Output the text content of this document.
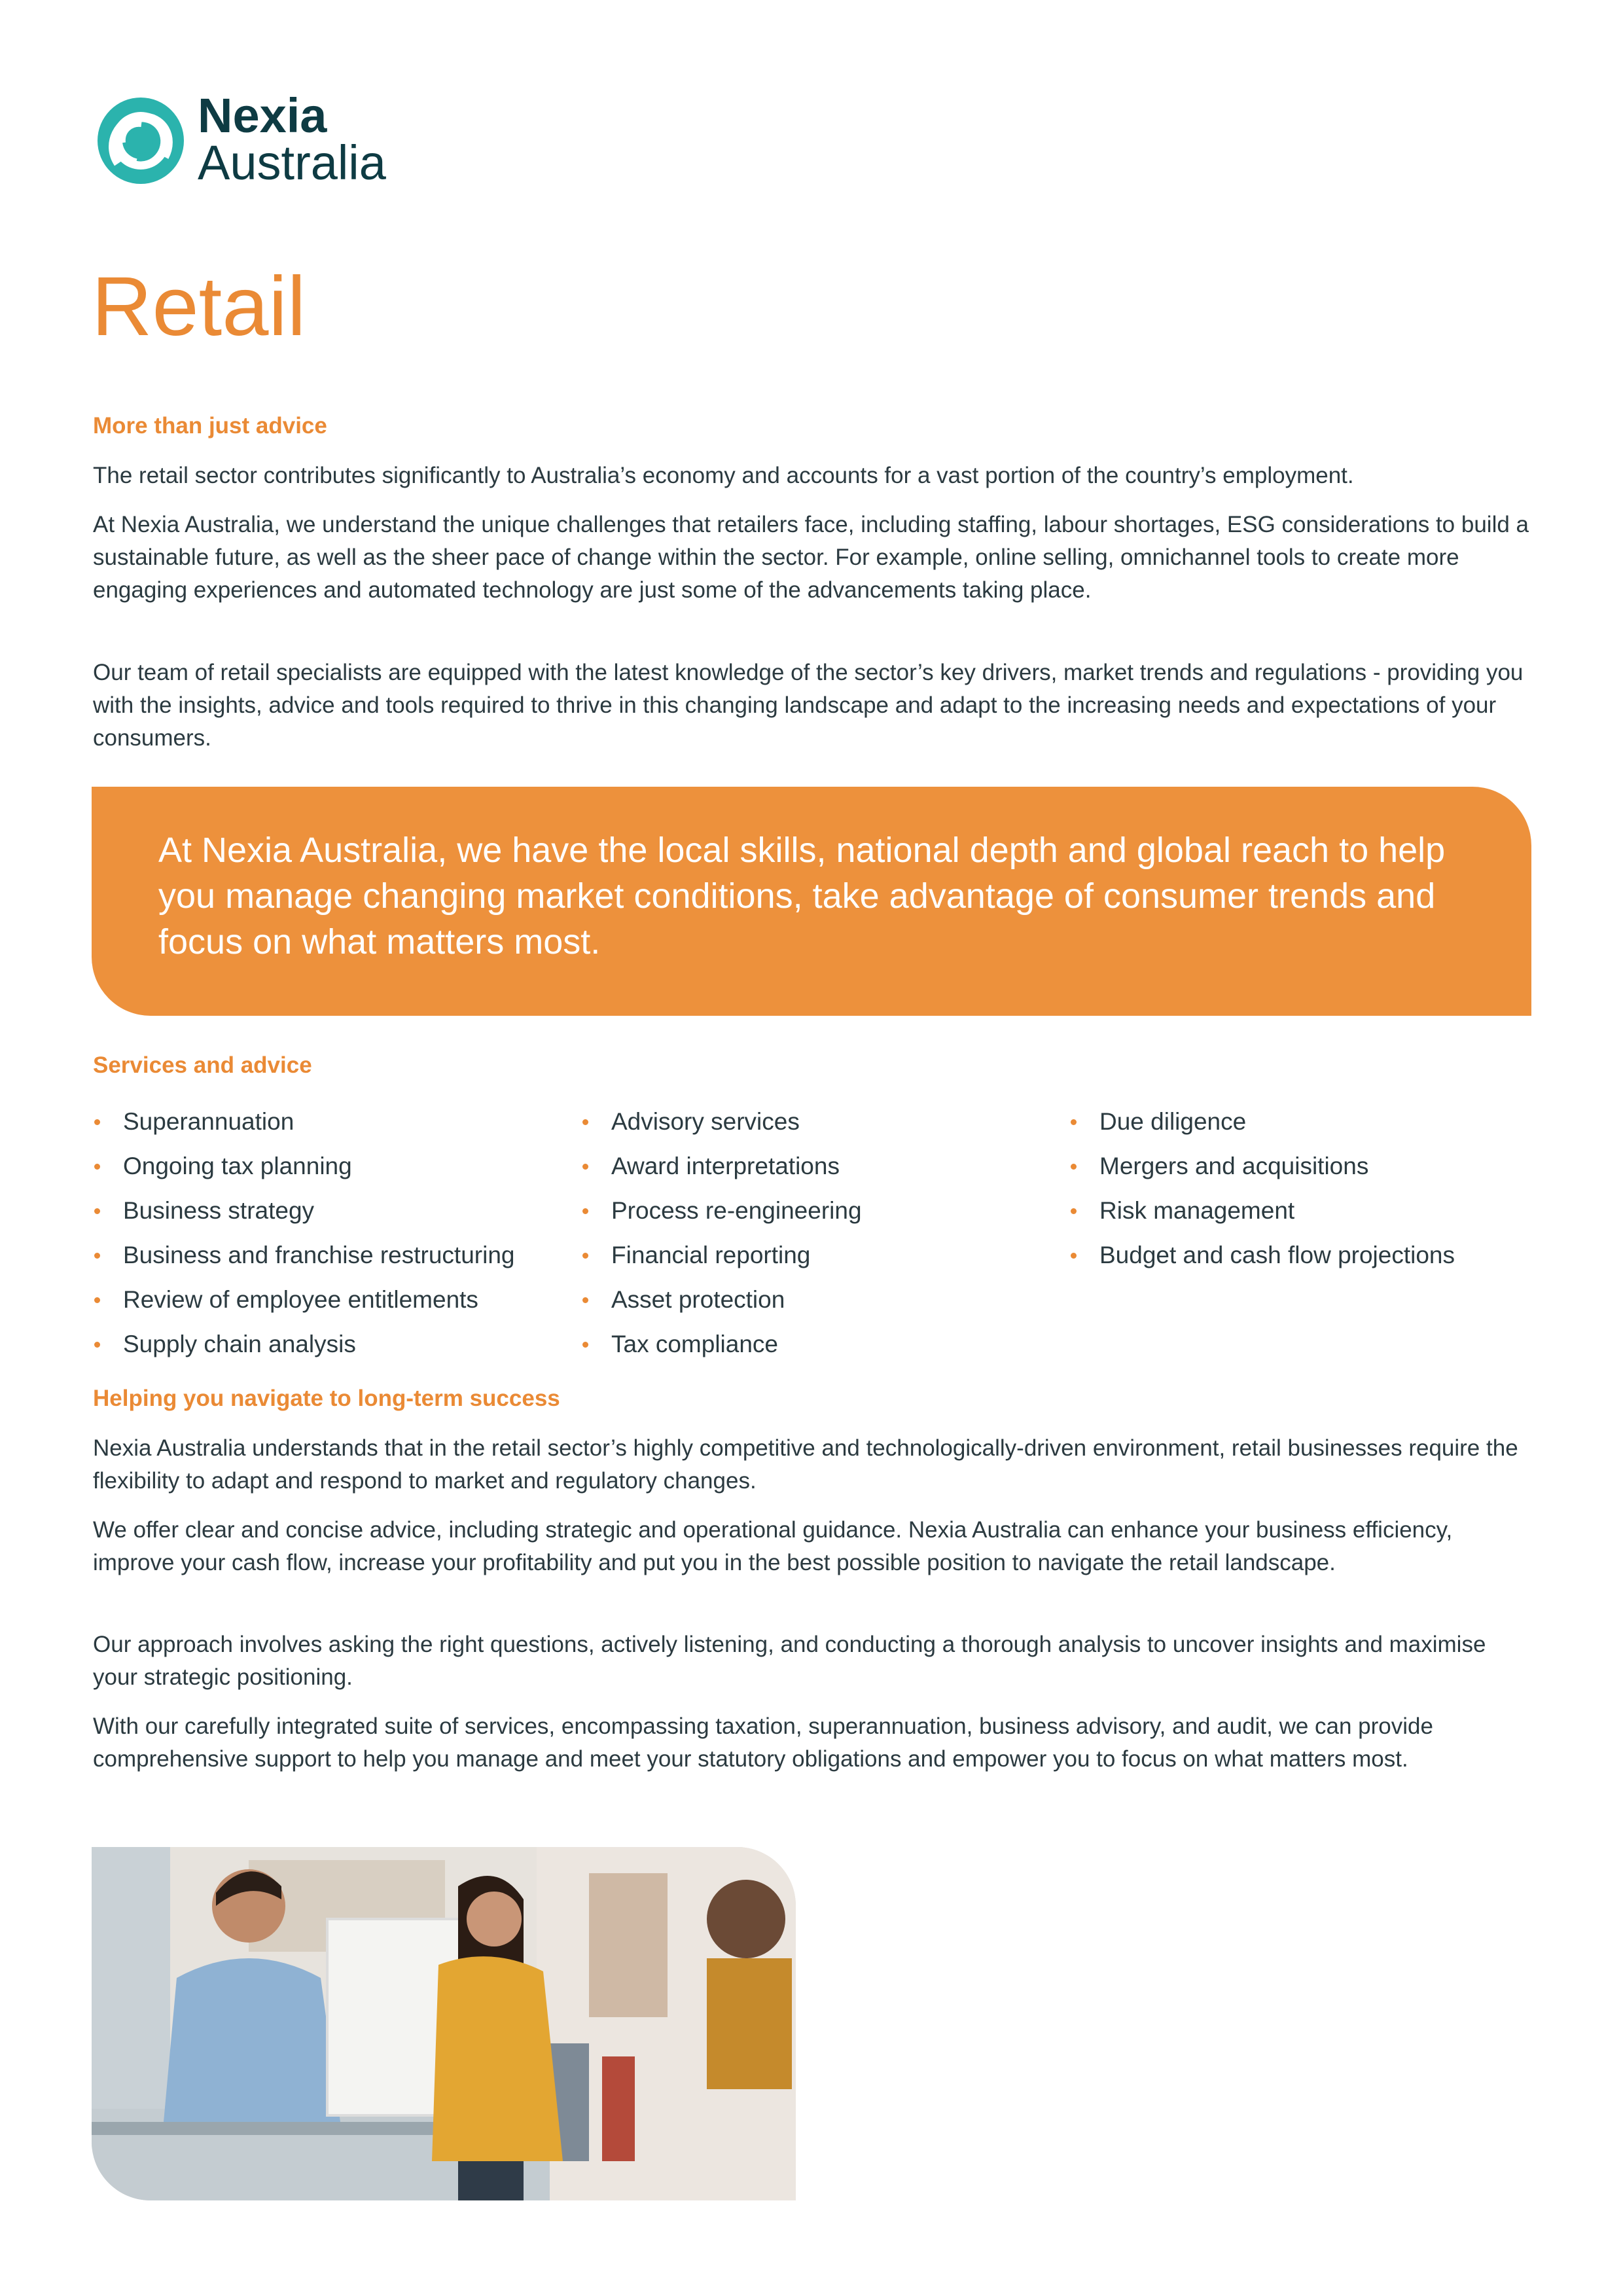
Nexia
Australia
Retail
More than just advice

The retail sector contributes significantly to Australia’s economy and accounts for a vast portion of the country’s employment.

At Nexia Australia, we understand the unique challenges that retailers face, including staffing, labour shortages, ESG considerations to build a sustainable future, as well as the sheer pace of change within the sector. For example, online selling, omnichannel tools to create more engaging experiences and automated technology are just some of the advancements taking place.

Our team of retail specialists are equipped with the latest knowledge of the sector’s key drivers, market trends and regulations - providing you with the insights, advice and tools required to thrive in this changing landscape and adapt to the increasing needs and expectations of your consumers.

At Nexia Australia, we have the local skills, national depth and global reach to help you manage changing market conditions, take advantage of consumer trends and focus on what matters most.

Services and advice
Superannuation
Ongoing tax planning
Business strategy
Business and franchise restructuring
Review of employee entitlements
Supply chain analysis
Advisory services
Award interpretations
Process re-engineering
Financial reporting
Asset protection
Tax compliance
Due diligence
Mergers and acquisitions
Risk management
Budget and cash flow projections
Helping you navigate to long-term success

Nexia Australia understands that in the retail sector’s highly competitive and technologically-driven environment, retail businesses require the flexibility to adapt and respond to market and regulatory changes.

We offer clear and concise advice, including strategic and operational guidance. Nexia Australia can enhance your business efficiency, improve your cash flow, increase your profitability and put you in the best possible position to navigate the retail landscape.

Our approach involves asking the right questions, actively listening, and conducting a thorough analysis to uncover insights and maximise your strategic positioning.

With our carefully integrated suite of services, encompassing taxation, superannuation, business advisory, and audit, we can provide comprehensive support to help you manage and meet your statutory obligations and empower you to focus on what matters most.
